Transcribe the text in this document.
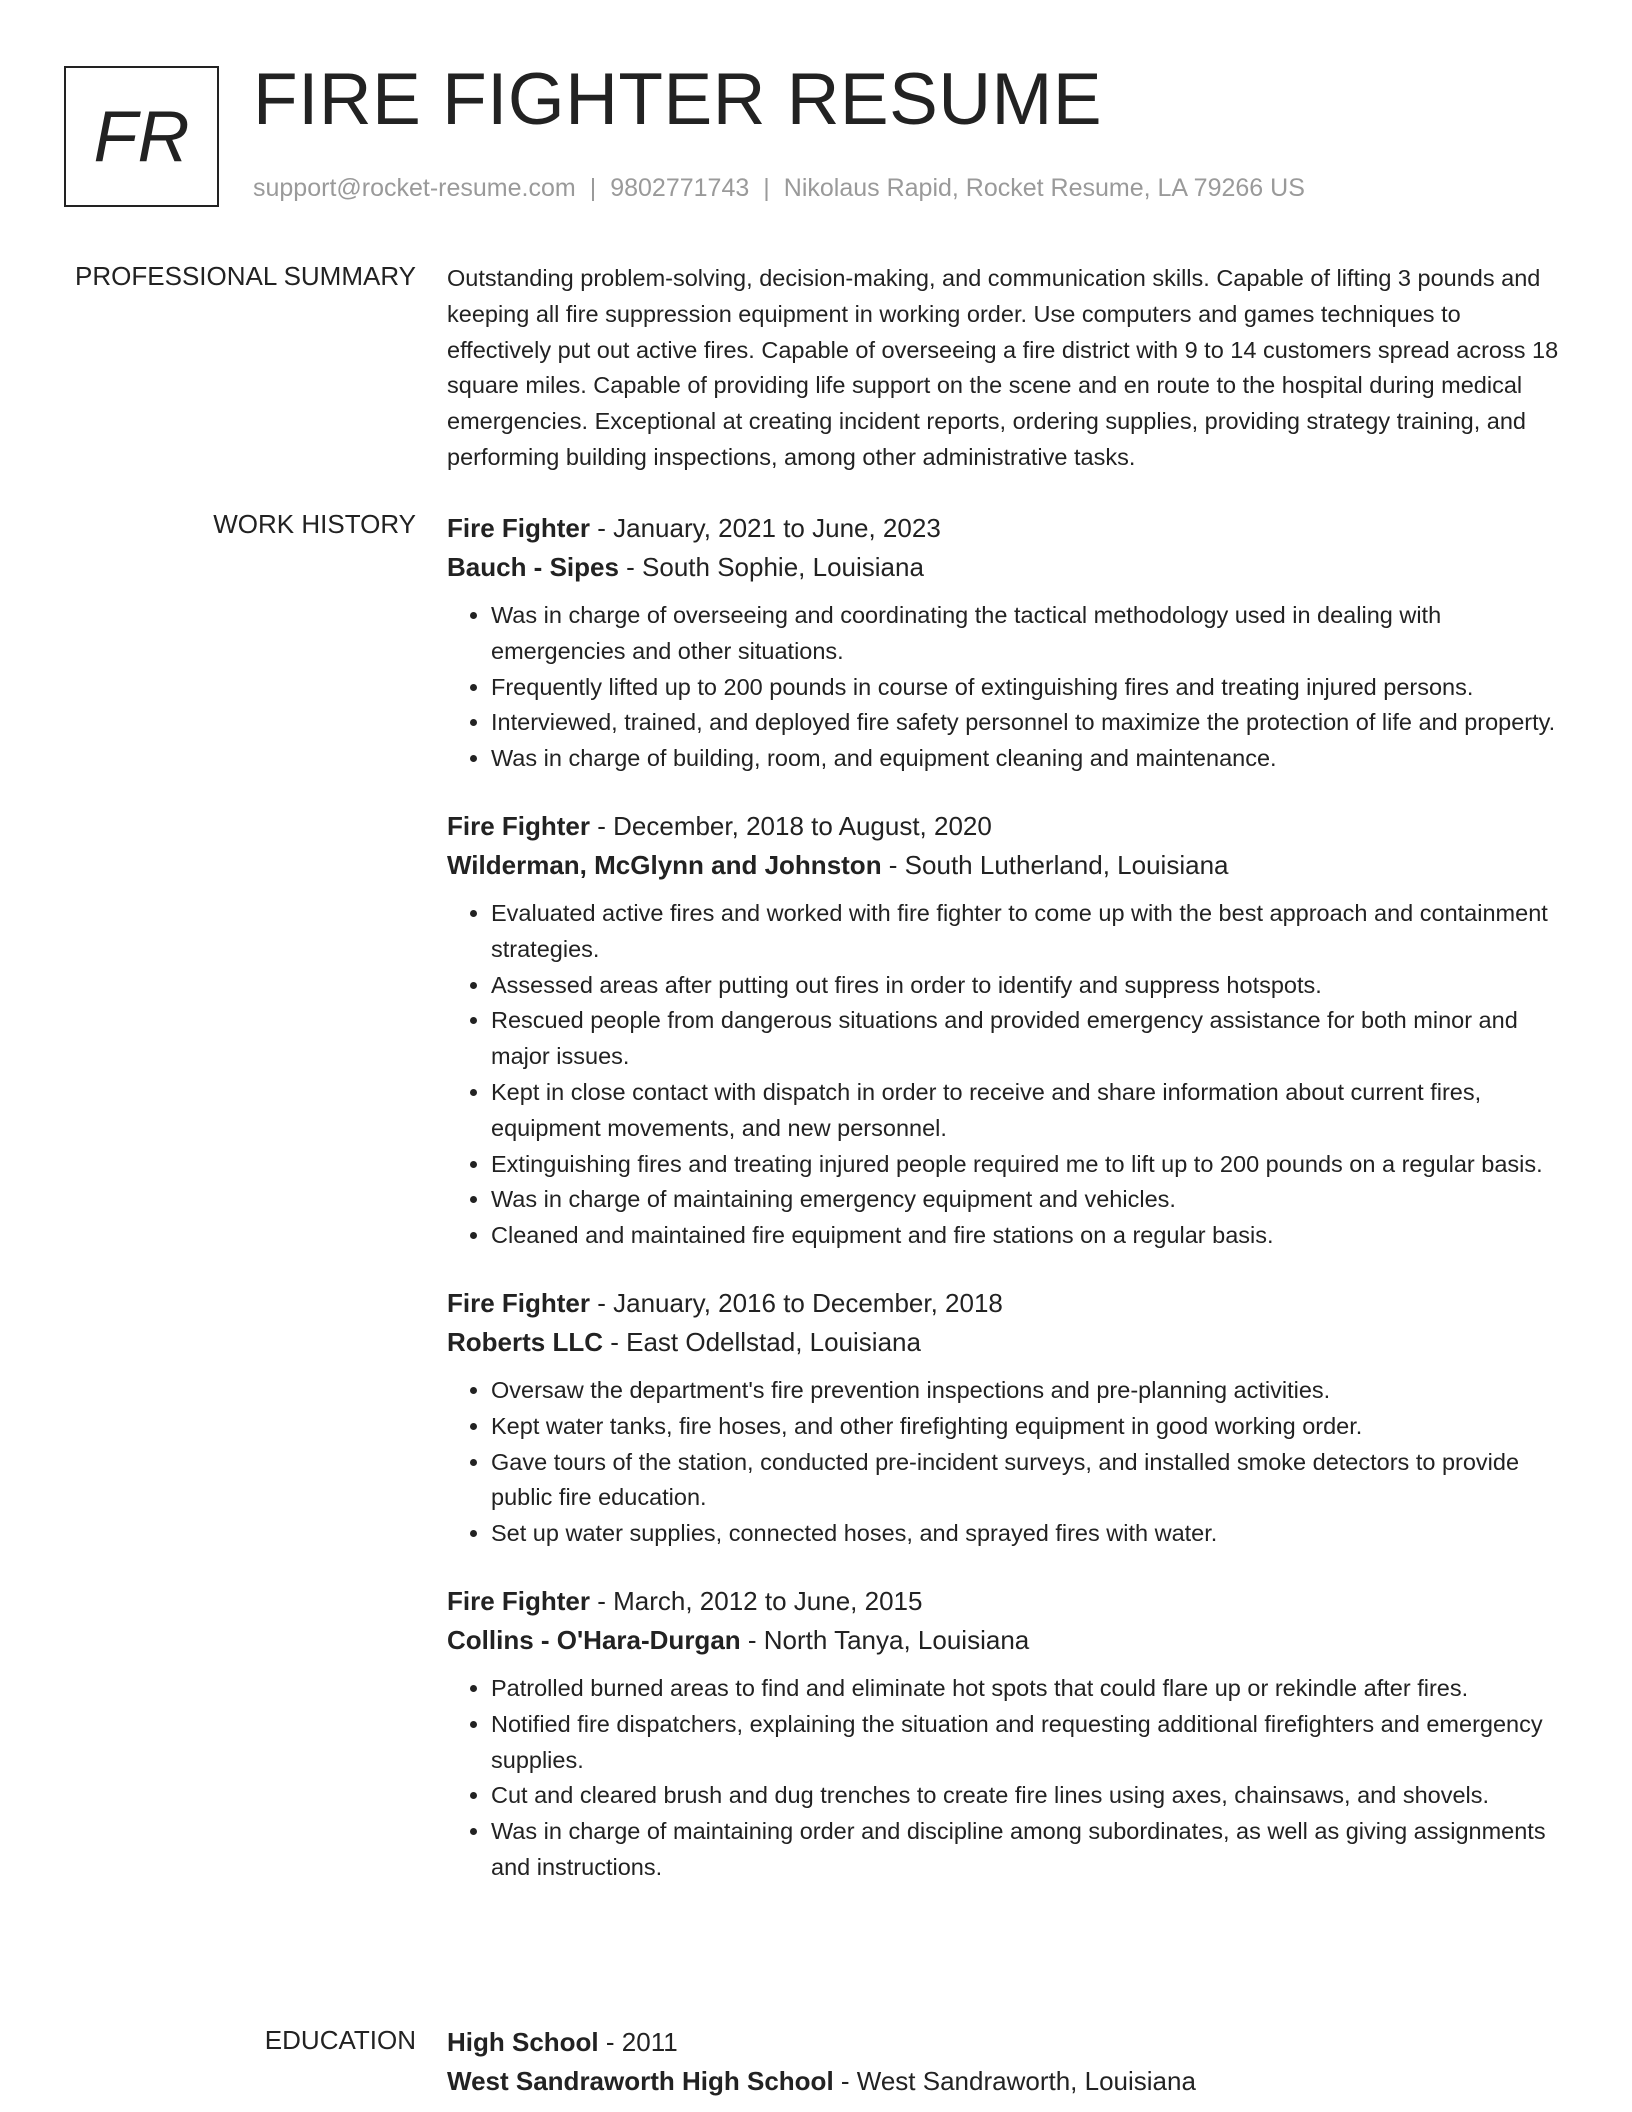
FR FIRE FIGHTER RESUME
support@rocket-resume.com | 9802771743 | Nikolaus Rapid, Rocket Resume, LA 79266 US
PROFESSIONAL SUMMARY Outstanding problem-solving, decision-making, and communication skills. Capable of lifting 3 pounds and keeping all fire suppression equipment in working order. Use computers and games techniques to effectively put out active fires. Capable of overseeing a fire district with 9 to 14 customers spread across 18 square miles. Capable of providing life support on the scene and en route to the hospital during medical emergencies. Exceptional at creating incident reports, ordering supplies, providing strategy training, and performing building inspections, among other administrative tasks.

WORK HISTORY Fire Fighter - January, 2021 to June, 2023

Bauch - Sipes - South Sophie, Louisiana

• Was in charge of overseeing and coordinating the tactical methodology used in dealing with emergencies and other situations.
• Frequently lifted up to 200 pounds in course of extinguishing fires and treating injured persons.
• Interviewed, trained, and deployed fire safety personnel to maximize the protection of life and property.
• Was in charge of building, room, and equipment cleaning and maintenance.

Fire Fighter - December, 2018 to August, 2020

Wilderman, McGlynn and Johnston - South Lutherland, Louisiana

• Evaluated active fires and worked with fire fighter to come up with the best approach and containment strategies.
• Assessed areas after putting out fires in order to identify and suppress hotspots.
• Rescued people from dangerous situations and provided emergency assistance for both minor and major issues.
• Kept in close contact with dispatch in order to receive and share information about current fires, equipment movements, and new personnel.
• Extinguishing fires and treating injured people required me to lift up to 200 pounds on a regular basis.
• Was in charge of maintaining emergency equipment and vehicles.
• Cleaned and maintained fire equipment and fire stations on a regular basis.

Fire Fighter - January, 2016 to December, 2018

Roberts LLC - East Odellstad, Louisiana

• Oversaw the department's fire prevention inspections and pre-planning activities.
• Kept water tanks, fire hoses, and other firefighting equipment in good working order.
• Gave tours of the station, conducted pre-incident surveys, and installed smoke detectors to provide public fire education.
• Set up water supplies, connected hoses, and sprayed fires with water.

Fire Fighter - March, 2012 to June, 2015

Collins - O'Hara-Durgan - North Tanya, Louisiana

• Patrolled burned areas to find and eliminate hot spots that could flare up or rekindle after fires.
• Notified fire dispatchers, explaining the situation and requesting additional firefighters and emergency supplies.
• Cut and cleared brush and dug trenches to create fire lines using axes, chainsaws, and shovels.
• Was in charge of maintaining order and discipline among subordinates, as well as giving assignments and instructions.
EDUCATION High School - 2011

West Sandraworth High School - West Sandraworth, Louisiana
